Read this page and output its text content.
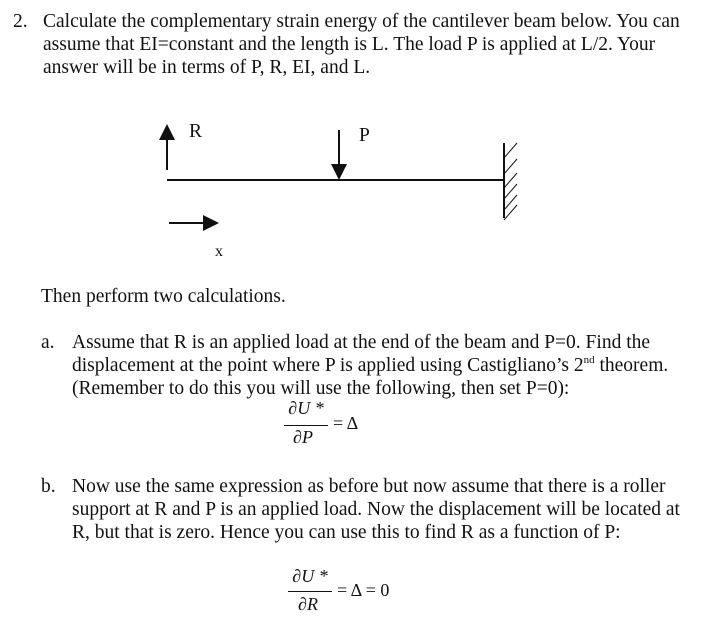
2. Calculate the complementary strain energy of the cantilever beam below. You can
assume that EI=constant and the length is L. The load P is applied at L/2. Your
answer will be in terms of P, R, EI, and L.
R	P
x
Then perform two calculations.
a. Assume that R is an applied load at the end of the beam and P=0. Find the
displacement at the point where P is applied using Castigliano’s 2nd theorem.
(Remember to do this you will use the following, then set P=0):
∂U *
∂P
= Δ
b. Now use the same expression as before but now assume that there is a roller
support at R and P is an applied load. Now the displacement will be located at
R, but that is zero. Hence you can use this to find R as a function of P:
∂U *
∂R
= Δ = 0
